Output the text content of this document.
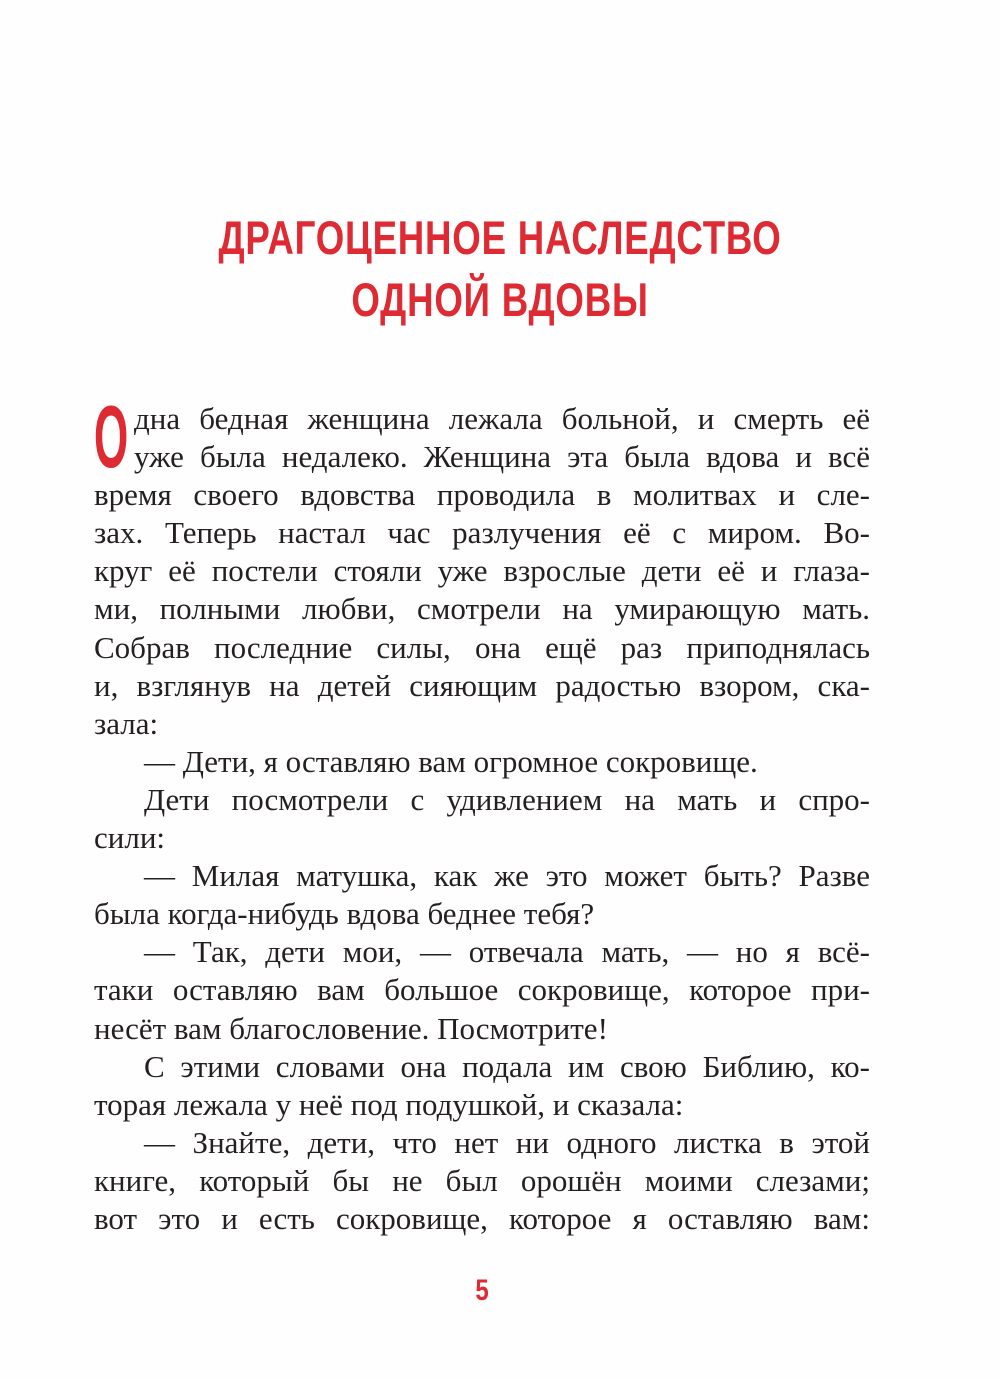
ДРАГОЦЕННОЕ НАСЛЕДСТВО
ОДНОЙ ВДОВЫ
О дна бедная женщина лежала больной, и смерть её
уже была недалеко. Женщина эта была вдова и всё
время своего вдовства проводила в молитвах и сле-
зах. Теперь настал час разлучения её с миром. Во-
круг её постели стояли уже взрослые дети её и глаза-
ми, полными любви, смотрели на умирающую мать.
Собрав последние силы, она ещё раз приподнялась
и, взглянув на детей сияющим радостью взором, ска-
зала:
— Дети, я оставляю вам огромное сокровище.
Дети посмотрели с удивлением на мать и спро-
сили:
— Милая матушка, как же это может быть? Разве
была когда-нибудь вдова беднее тебя?
— Так, дети мои, — отвечала мать, — но я всё-
таки оставляю вам большое сокровище, которое при-
несёт вам благословение. Посмотрите!
С этими словами она подала им свою Библию, ко-
торая лежала у неё под подушкой, и сказала:
— Знайте, дети, что нет ни одного листка в этой
книге, который бы не был орошён моими слезами;
вот это и есть сокровище, которое я оставляю вам:
5
